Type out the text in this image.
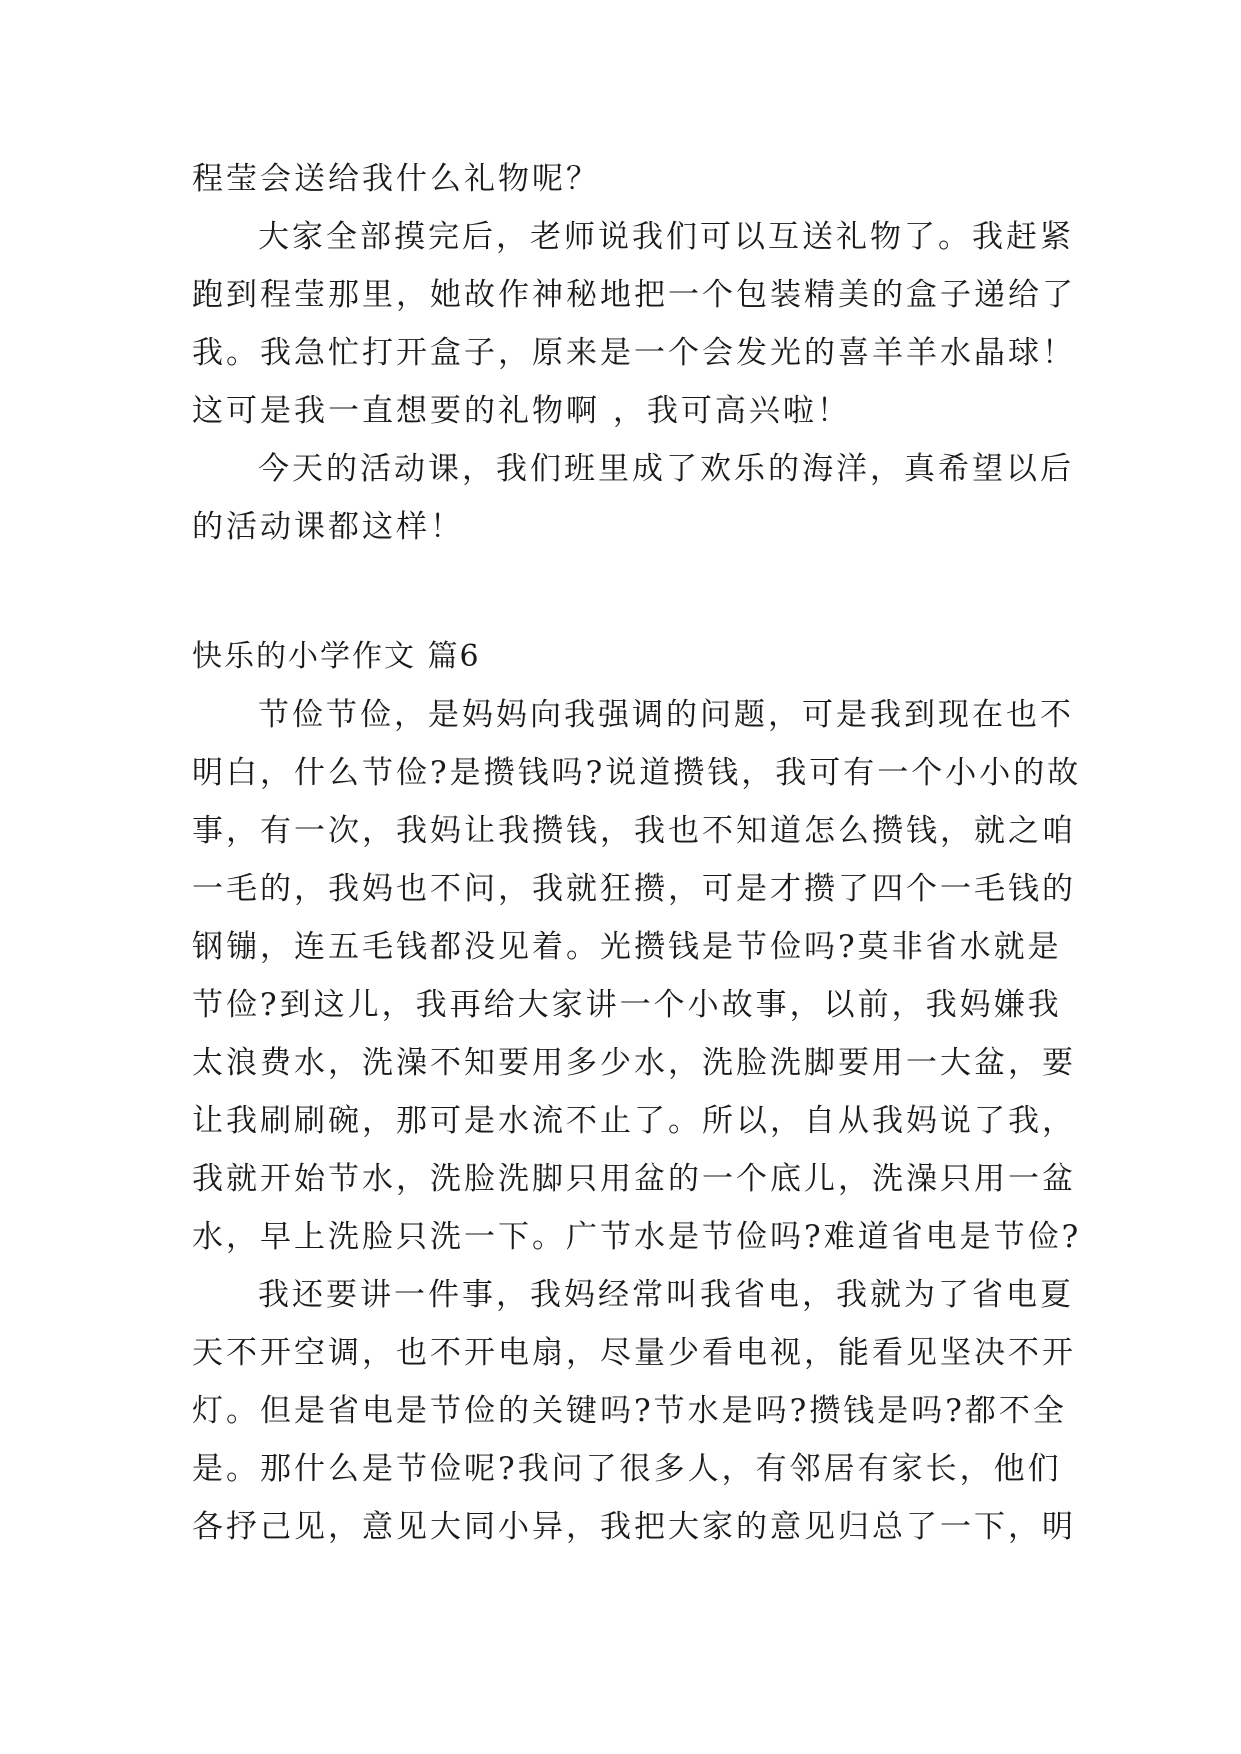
程莹会送给我什么礼物呢？
大家全部摸完后，老师说我们可以互送礼物了。我赶紧
跑到程莹那里，她故作神秘地把一个包装精美的盒子递给了
我。我急忙打开盒子，原来是一个会发光的喜羊羊水晶球！
这可是我一直想要的礼物啊 ，我可高兴啦！
今天的活动课，我们班里成了欢乐的海洋，真希望以后
的活动课都这样！
快乐的小学作文 篇6
节俭节俭，是妈妈向我强调的问题，可是我到现在也不
明白，什么节俭?是攒钱吗?说道攒钱，我可有一个小小的故
事，有一次，我妈让我攒钱，我也不知道怎么攒钱，就之咱
一毛的，我妈也不问，我就狂攒，可是才攒了四个一毛钱的
钢镚，连五毛钱都没见着。光攒钱是节俭吗?莫非省水就是
节俭?到这儿，我再给大家讲一个小故事，以前，我妈嫌我
太浪费水，洗澡不知要用多少水，洗脸洗脚要用一大盆，要
让我刷刷碗，那可是水流不止了。所以，自从我妈说了我，
我就开始节水，洗脸洗脚只用盆的一个底儿，洗澡只用一盆
水，早上洗脸只洗一下。广节水是节俭吗?难道省电是节俭?
我还要讲一件事，我妈经常叫我省电，我就为了省电夏
天不开空调，也不开电扇，尽量少看电视，能看见坚决不开
灯。但是省电是节俭的关键吗?节水是吗?攒钱是吗?都不全
是。那什么是节俭呢?我问了很多人，有邻居有家长，他们
各抒己见，意见大同小异，我把大家的意见归总了一下，明
